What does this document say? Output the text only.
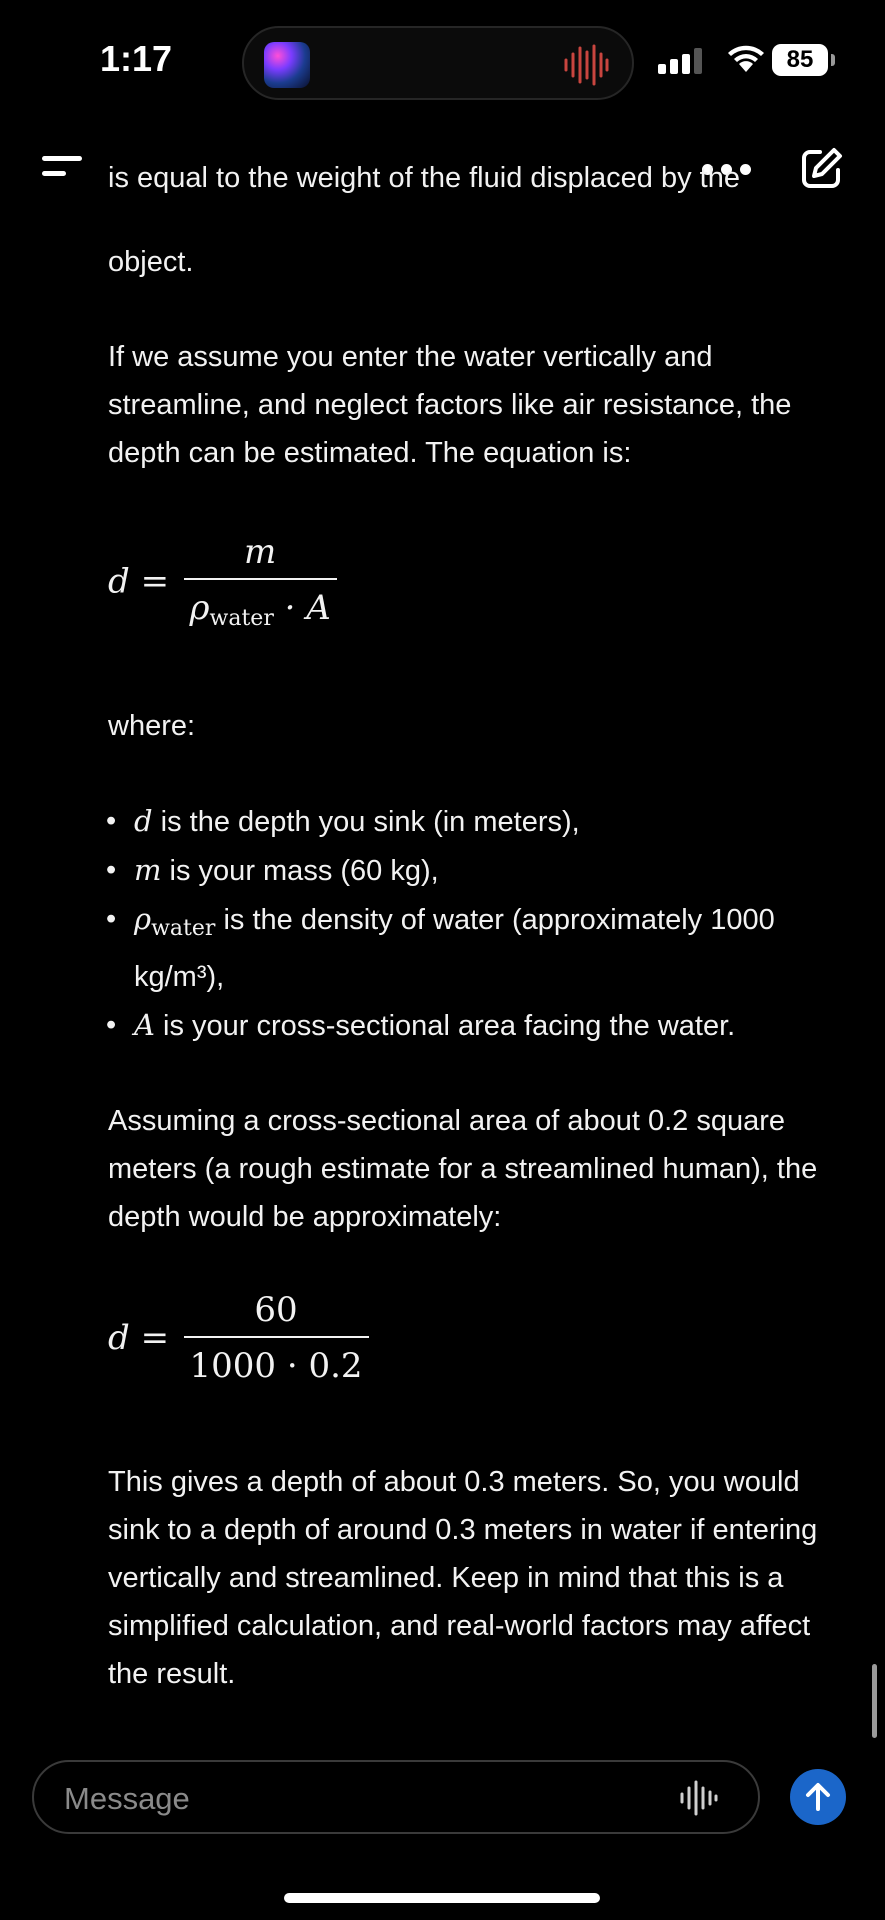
1:17	85
is equal to the weight of the fluid displaced by the

object.

If we assume you enter the water vertically and streamline, and neglect factors like air resistance, the depth can be estimated. The equation is:

$d = \frac{m}{\rho_{water} \cdot A}$

where:

• d is the depth you sink (in meters),
• m is your mass (60 kg),
• $\rho_{water}$ is the density of water (approximately 1000 kg/m³),
• A is your cross-sectional area facing the water.

Assuming a cross-sectional area of about 0.2 square meters (a rough estimate for a streamlined human), the depth would be approximately:

$d = \frac{60}{1000 \cdot 0.2}$

This gives a depth of about 0.3 meters. So, you would sink to a depth of around 0.3 meters in water if entering vertically and streamlined. Keep in mind that this is a simplified calculation, and real-world factors may affect the result.

Message
